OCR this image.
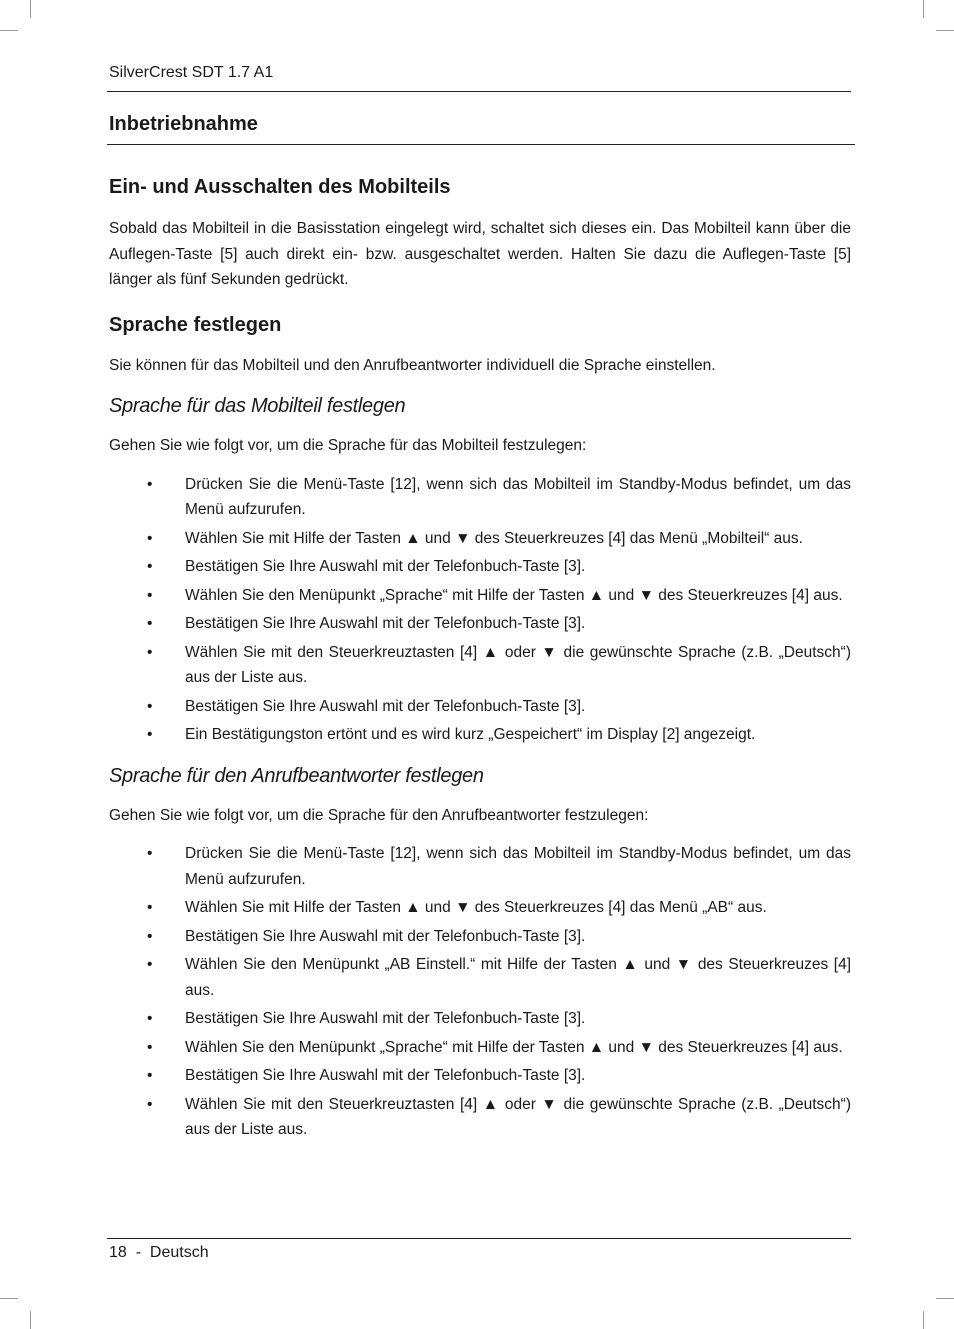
SilverCrest SDT 1.7 A1
Inbetriebnahme
Ein- und Ausschalten des Mobilteils

Sobald das Mobilteil in die Basisstation eingelegt wird, schaltet sich dieses ein. Das Mobilteil kann über die Auflegen-Taste [5] auch direkt ein- bzw. ausgeschaltet werden. Halten Sie dazu die Auflegen-Taste [5] länger als fünf Sekunden gedrückt.

Sprache festlegen

Sie können für das Mobilteil und den Anrufbeantworter individuell die Sprache einstellen.

Sprache für das Mobilteil festlegen

Gehen Sie wie folgt vor, um die Sprache für das Mobilteil festzulegen:

• Drücken Sie die Menü-Taste [12], wenn sich das Mobilteil im Standby-Modus befindet, um das Menü aufzurufen.
• Wählen Sie mit Hilfe der Tasten ▲ und ▼ des Steuerkreuzes [4] das Menü „Mobilteil“ aus.
• Bestätigen Sie Ihre Auswahl mit der Telefonbuch-Taste [3].
• Wählen Sie den Menüpunkt „Sprache“ mit Hilfe der Tasten ▲ und ▼ des Steuerkreuzes [4] aus.
• Bestätigen Sie Ihre Auswahl mit der Telefonbuch-Taste [3].
• Wählen Sie mit den Steuerkreuztasten [4] ▲ oder ▼ die gewünschte Sprache (z.B. „Deutsch“) aus der Liste aus.
• Bestätigen Sie Ihre Auswahl mit der Telefonbuch-Taste [3].
• Ein Bestätigungston ertönt und es wird kurz „Gespeichert“ im Display [2] angezeigt.
Sprache für den Anrufbeantworter festlegen

Gehen Sie wie folgt vor, um die Sprache für den Anrufbeantworter festzulegen:

• Drücken Sie die Menü-Taste [12], wenn sich das Mobilteil im Standby-Modus befindet, um das Menü aufzurufen.
• Wählen Sie mit Hilfe der Tasten ▲ und ▼ des Steuerkreuzes [4] das Menü „AB“ aus.
• Bestätigen Sie Ihre Auswahl mit der Telefonbuch-Taste [3].
• Wählen Sie den Menüpunkt „AB Einstell.“ mit Hilfe der Tasten ▲ und ▼ des Steuerkreuzes [4] aus.
• Bestätigen Sie Ihre Auswahl mit der Telefonbuch-Taste [3].
• Wählen Sie den Menüpunkt „Sprache“ mit Hilfe der Tasten ▲ und ▼ des Steuerkreuzes [4] aus.
• Bestätigen Sie Ihre Auswahl mit der Telefonbuch-Taste [3].
• Wählen Sie mit den Steuerkreuztasten [4] ▲ oder ▼ die gewünschte Sprache (z.B. „Deutsch“) aus der Liste aus.
18  -  Deutsch
